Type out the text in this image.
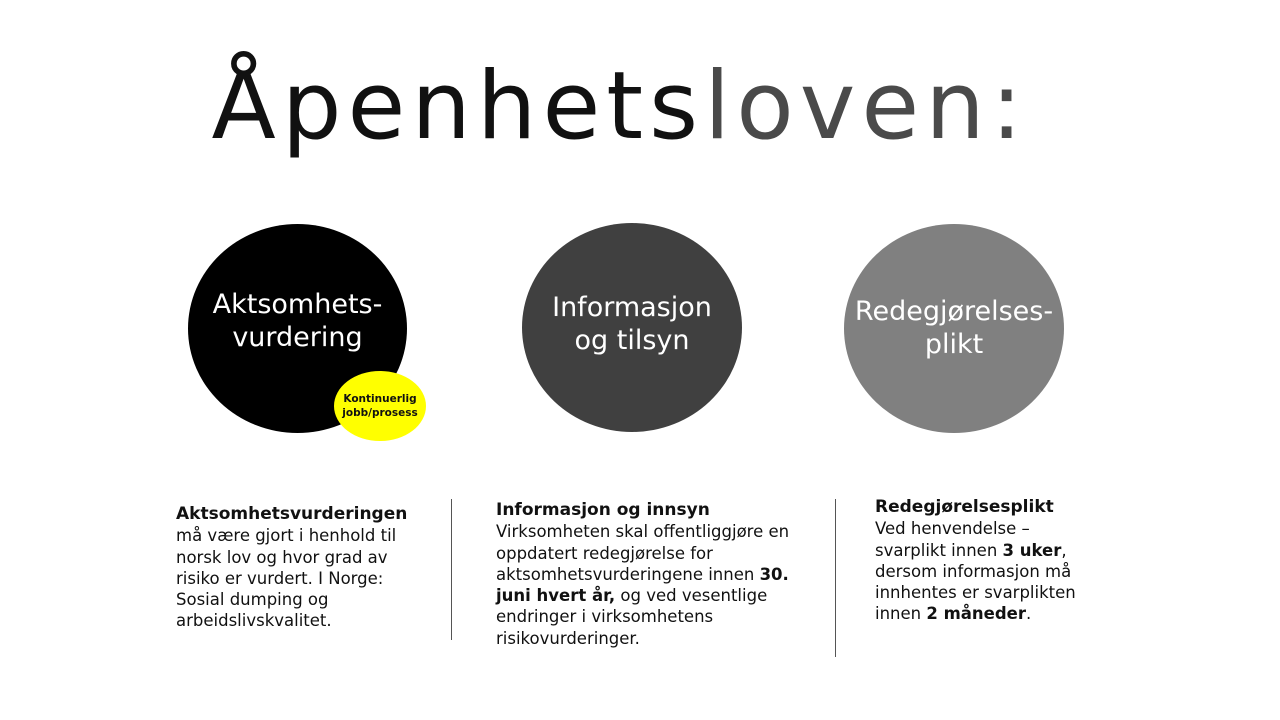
Åpenhetsloven:
Aktsomhets-
vurdering
Informasjon
og tilsyn
Redegjørelses-
plikt
Kontinuerlig
jobb/prosess
Aktsomhetsvurderingen
må være gjort i henhold til
norsk lov og hvor grad av
risiko er vurdert. I Norge:
Sosial dumping og
arbeidslivskvalitet.
Informasjon og innsyn
Virksomheten skal offentliggjøre en
oppdatert redegjørelse for
aktsomhetsvurderingene innen 30.
juni hvert år, og ved vesentlige
endringer i virksomhetens
risikovurderinger.
Redegjørelsesplikt
Ved henvendelse –
svarplikt innen 3 uker,
dersom informasjon må
innhentes er svarplikten
innen 2 måneder.
